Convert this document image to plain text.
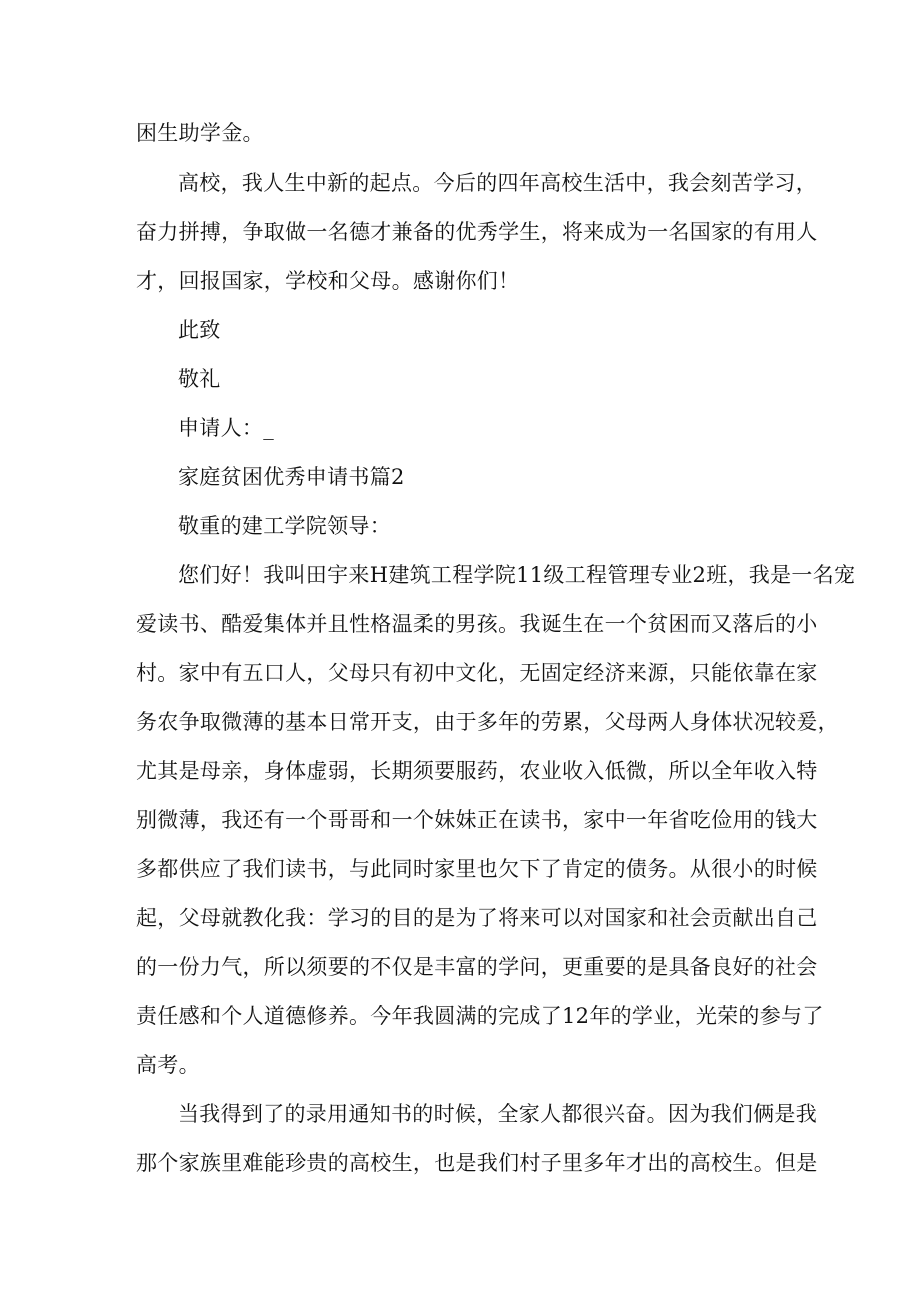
困生助学金。
高校，我人生中新的起点。今后的四年高校生活中，我会刻苦学习，
奋力拼搏，争取做一名德才兼备的优秀学生，将来成为一名国家的有用人
才，回报国家，学校和父母。感谢你们！
此致
敬礼
申请人：_
家庭贫困优秀申请书篇2
敬重的建工学院领导：
您们好！我叫田宇来H建筑工程学院11级工程管理专业2班，我是一名宠
爱读书、酷爱集体并且性格温柔的男孩。我诞生在一个贫困而又落后的小
村。家中有五口人，父母只有初中文化，无固定经济来源，只能依靠在家
务农争取微薄的基本日常开支，由于多年的劳累，父母两人身体状况较爰，
尤其是母亲，身体虚弱，长期须要服药，农业收入低微，所以全年收入特
别微薄，我还有一个哥哥和一个妹妹正在读书，家中一年省吃俭用的钱大
多都供应了我们读书，与此同时家里也欠下了肯定的债务。从很小的时候
起，父母就教化我：学习的目的是为了将来可以对国家和社会贡献出自己
的一份力气，所以须要的不仅是丰富的学问，更重要的是具备良好的社会
责任感和个人道德修养。今年我圆满的完成了12年的学业，光荣的参与了
高考。
当我得到了的录用通知书的时候，全家人都很兴奋。因为我们俩是我
那个家族里难能珍贵的高校生，也是我们村子里多年才出的高校生。但是
